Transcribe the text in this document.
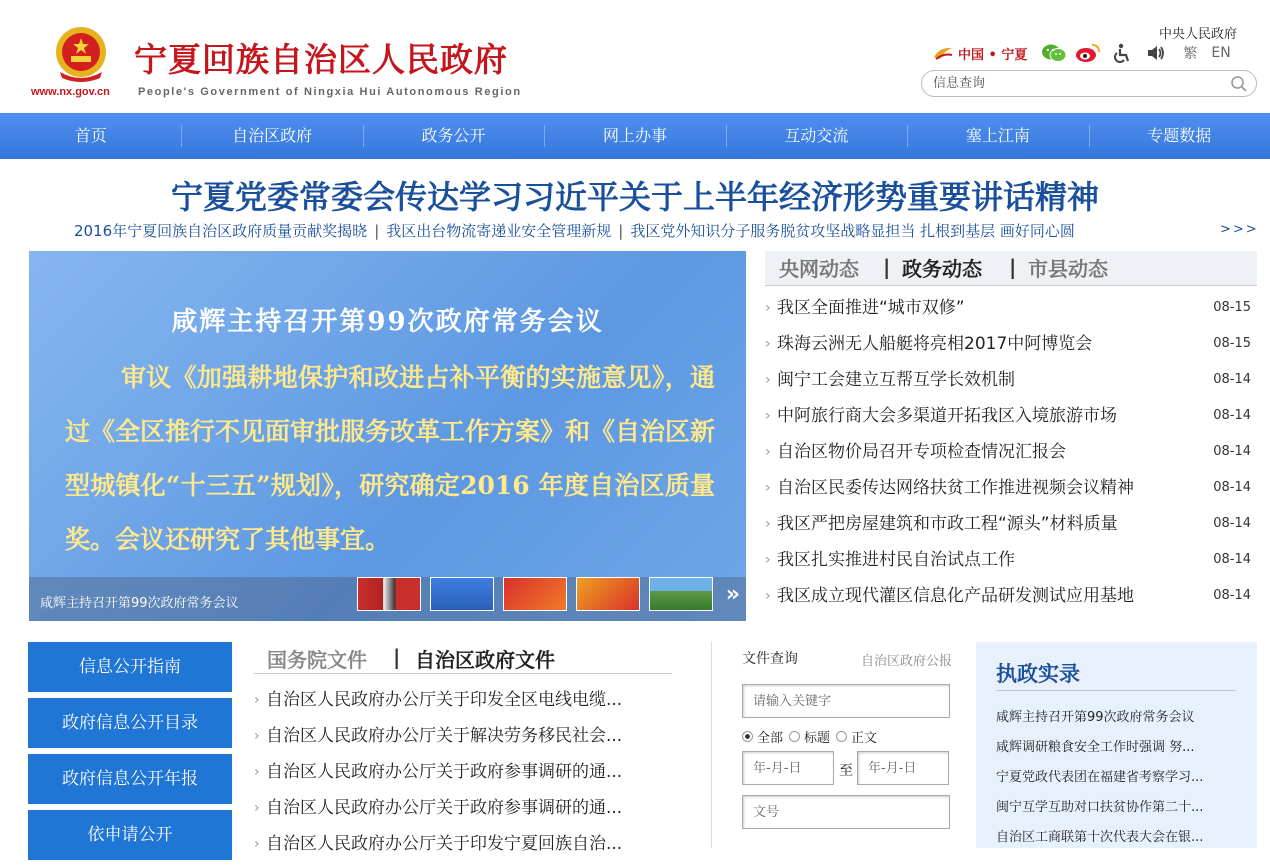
www.nx.gov.cn
宁夏回族自治区人民政府
People's Government of Ningxia Hui Autonomous Region
中央人民政府
中国 • 宁夏	繁 EN
信息查询
首页	自治区政府	政务公开	网上办事	互动交流	塞上江南	专题数据
宁夏党委常委会传达学习习近平关于上半年经济形势重要讲话精神
2016年宁夏回族自治区政府质量贡献奖揭晓 | 我区出台物流寄递业安全管理新规 | 我区党外知识分子服务脱贫攻坚战略显担当 扎根到基层 画好同心圆	>>>
咸辉主持召开第99次政府常务会议
审议《加强耕地保护和改进占补平衡的实施意见》，通过《全区推行不见面审批服务改革工作方案》和《自治区新型城镇化“十三五”规划》，研究确定2016 年度自治区质量奖。会议还研究了其他事宜。
咸辉主持召开第99次政府常务会议	»
央网动态 | 政务动态 | 市县动态
› 我区全面推进“城市双修”	08-15
› 珠海云洲无人船艇将亮相2017中阿博览会	08-15
› 闽宁工会建立互帮互学长效机制	08-14
› 中阿旅行商大会多渠道开拓我区入境旅游市场	08-14
› 自治区物价局召开专项检查情况汇报会	08-14
› 自治区民委传达网络扶贫工作推进视频会议精神	08-14
› 我区严把房屋建筑和市政工程“源头”材料质量	08-14
› 我区扎实推进村民自治试点工作	08-14
› 我区成立现代灌区信息化产品研发测试应用基地	08-14
信息公开指南
政府信息公开目录
政府信息公开年报
依申请公开
国务院文件 | 自治区政府文件
› 自治区人民政府办公厅关于印发全区电线电缆...
› 自治区人民政府办公厅关于解决劳务移民社会...
› 自治区人民政府办公厅关于政府参事调研的通...
› 自治区人民政府办公厅关于政府参事调研的通...
› 自治区人民政府办公厅关于印发宁夏回族自治...
文件查询	自治区政府公报
请输入关键字
全部 标题 正文
年-月-日
至
年-月-日
文号
执政实录
咸辉主持召开第99次政府常务会议
咸辉调研粮食安全工作时强调 努...
宁夏党政代表团在福建省考察学习...
闽宁互学互助对口扶贫协作第二十...
自治区工商联第十次代表大会在银...
